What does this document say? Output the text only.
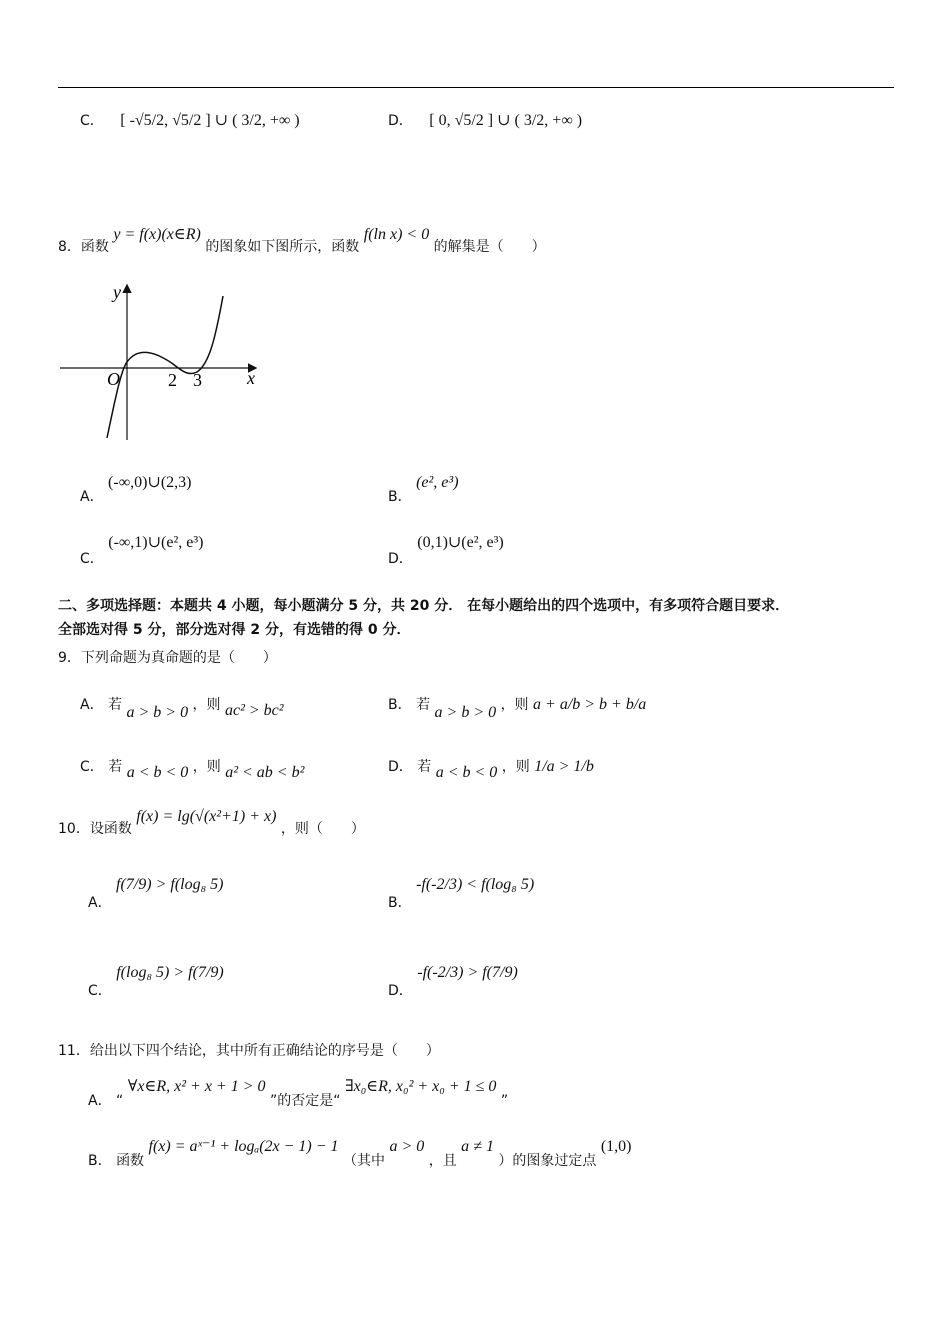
C． [ -√5/2, √5/2 ] ∪ ( 3/2, +∞ )	D． [ 0, √5/2 ] ∪ ( 3/2, +∞ )
8．函数 y = f(x)(x∈R) 的图象如下图所示，函数 f(ln x) < 0 的解集是（　　）
y
x
O	2 3
A． (-∞,0)∪(2,3)
B． (e², e³)
C． (-∞,1)∪(e², e³)
D． (0,1)∪(e², e³)
二、多项选择题：本题共 4 小题，每小题满分 5 分，共 20 分． 在每小题给出的四个选项中，有多项符合题目要求．
全部选对得 5 分，部分选对得 2 分，有选错的得 0 分．
9．下列命题为真命题的是（　　）
A． 若 a > b > 0 ，则 ac² > bc²	B． 若 a > b > 0 ，则 a + a/b > b + b/a
C． 若 a < b < 0 ，则 a² < ab < b²	D． 若 a < b < 0 ，则 1/a > 1/b
10．设函数 f(x) = lg(√(x²+1) + x) ，则（　　）
A． f(7/9) > f(log₈ 5)
B． -f(-2/3) < f(log₈ 5)
C． f(log₈ 5) > f(7/9)
D． -f(-2/3) > f(7/9)
11．给出以下四个结论，其中所有正确结论的序号是（　　）
A． “ ∀x∈R, x² + x + 1 > 0 ”的否定是“ ∃x₀∈R, x₀² + x₀ + 1 ≤ 0 ”
B． 函数 f(x) = aˣ⁻¹ + logₐ(2x − 1) − 1 （其中 a > 0 ，且 a ≠ 1 ）的图象过定点 (1,0)
